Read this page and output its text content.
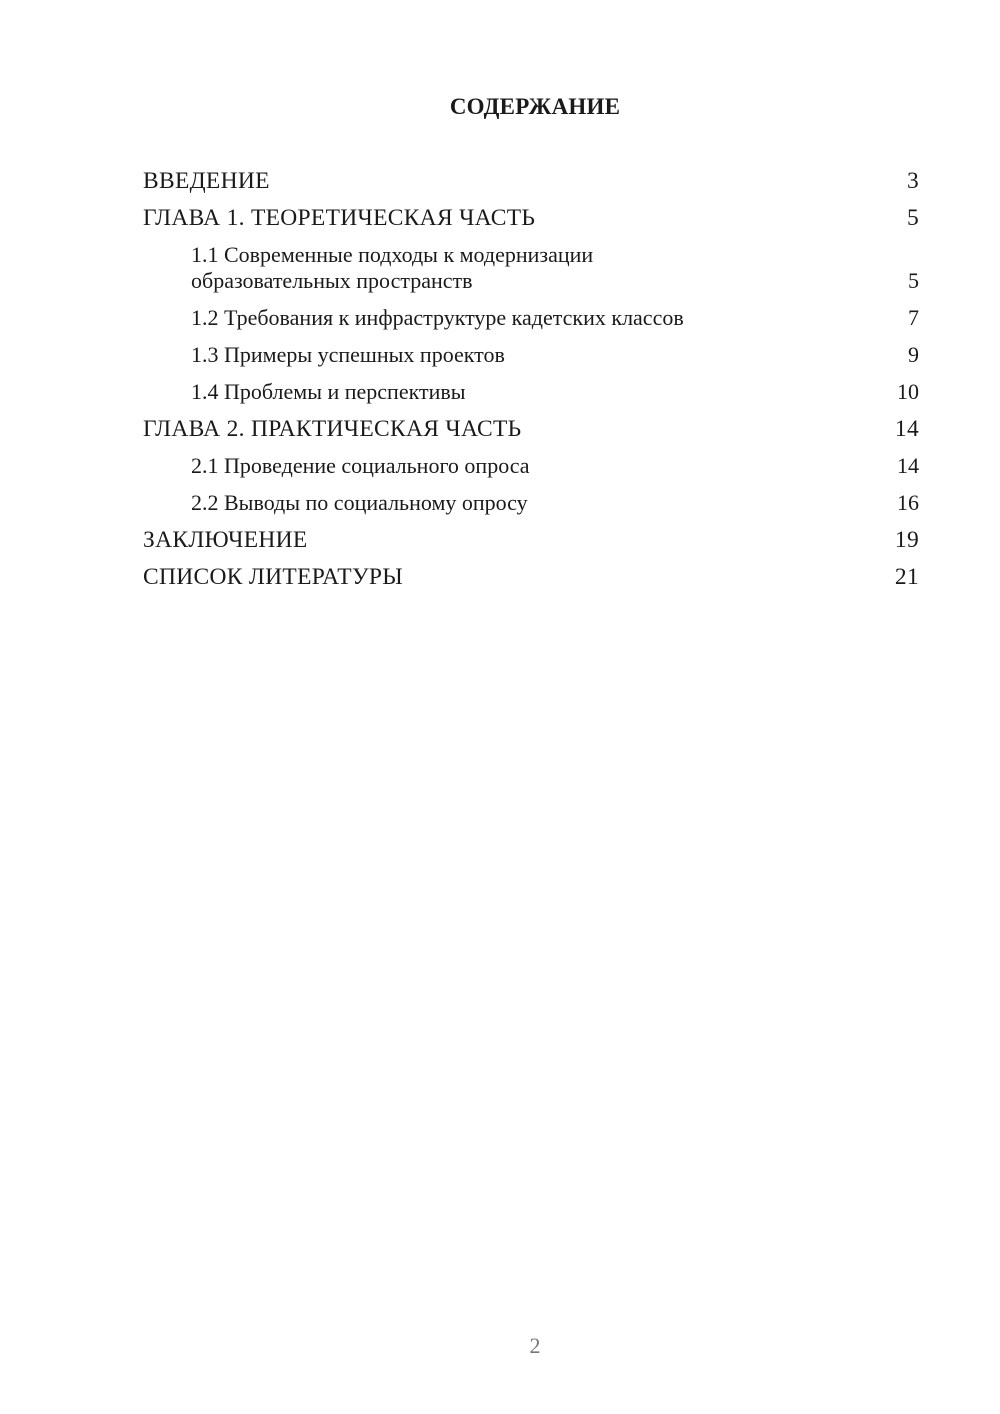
СОДЕРЖАНИЕ
ВВЕДЕНИЕ	3
ГЛАВА 1. ТЕОРЕТИЧЕСКАЯ ЧАСТЬ	5
1.1 Современные подходы к модернизации образовательных пространств	5
1.2 Требования к инфраструктуре кадетских классов	7
1.3 Примеры успешных проектов	9
1.4 Проблемы и перспективы	10
ГЛАВА 2. ПРАКТИЧЕСКАЯ ЧАСТЬ	14
2.1 Проведение социального опроса	14
2.2 Выводы по социальному опросу	16
ЗАКЛЮЧЕНИЕ	19
СПИСОК ЛИТЕРАТУРЫ	21
2
